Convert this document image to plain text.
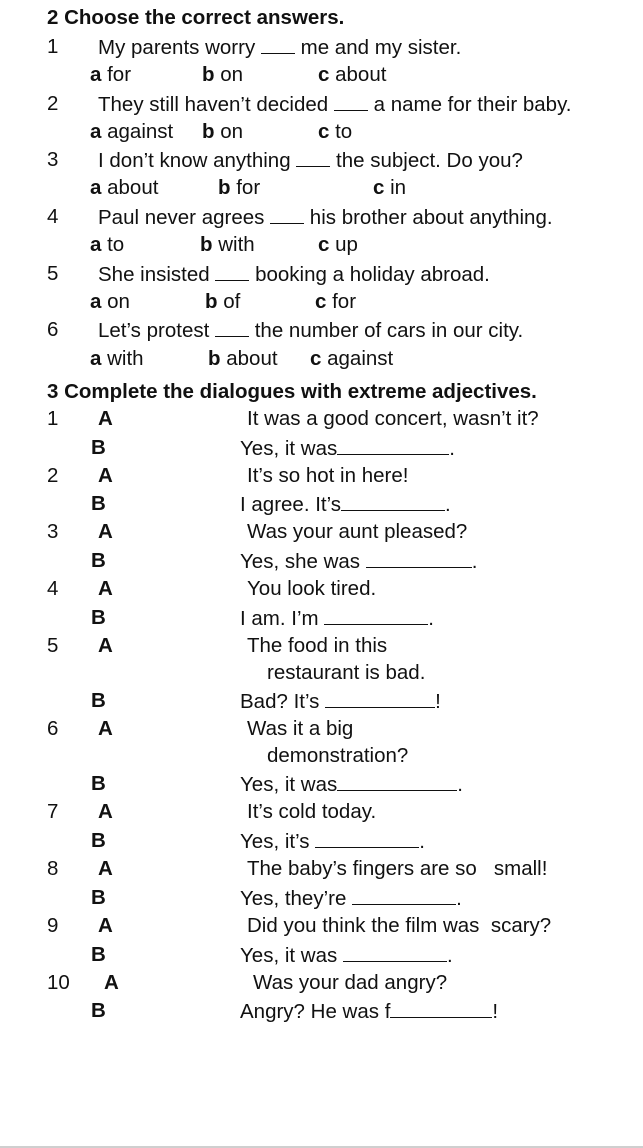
2 Choose the correct answers.
1 My parents worry me and my sister.
a for	b on	c about
2 They still haven’t decided a name for their baby.
a against b on	c to
3 I don’t know anything the subject. Do you?
a about	b for	c in
4 Paul never agrees his brother about anything.
a to	b with	c up
5 She insisted booking a holiday abroad.
a on	b of	c for
6 Let’s protest the number of cars in our city.
a with	b about c against
3 Complete the dialogues with extreme adjectives.
1 A	It was a good concert, wasn’t it?
B	Yes, it was	.
2 A	It’s so hot in here!
B	I agree. It’s	.
3 A	Was your aunt pleased?
B	Yes, she was	.
4 A	You look tired.
B	I am. I’m	.
5 A	The food in this
restaurant is bad.
B	Bad? It’s	!
6 A	Was it a big
demonstration?
B	Yes, it was	.
7 A	It’s cold today.
B	Yes, it’s	.
8 A	The baby’s fingers are so   small!
B	Yes, they’re	.
9 A	Did you think the film was  scary?
B	Yes, it was	.
10 A	Was your dad angry?
B	Angry? He was f	!
